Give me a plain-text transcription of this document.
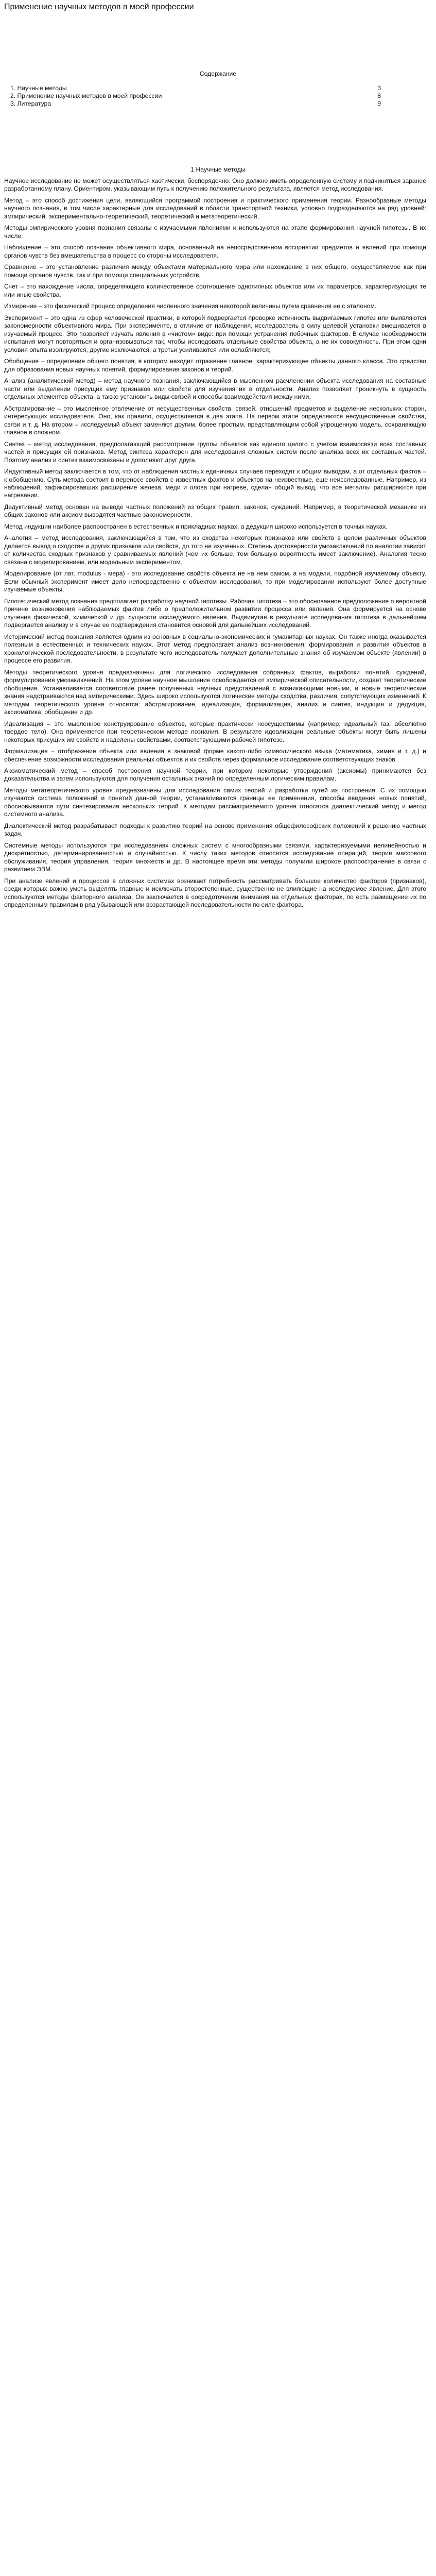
Применение научных методов в моей профессии
Содержание
1. Научные методы	3
2. Применение научных методов в моей профессии	8
3. Литература	9
1 Научные методы

Научное исследование не может осуществляться хаотически, беспорядочно. Оно должно иметь определенную систему и подчиняться заранее разработанному плану. Ориентиром, указывающим путь к получению положительного результата, является метод исследования.

Метод – это способ достижения цели, являющийся программой построения и практического применения теории. Разнообразные методы научного познания, в том числе характерные для исследований в области транспортной техники, условно подразделяются на ряд уровней: эмпирический, экспериментально-теоретический, теоретический и метатеоретический.

Методы эмпирического уровня познания связаны с изучаемыми явлениями и используются на этапе формирования научной гипотезы. В их числе:

Наблюдение – это способ познания объективного мира, основанный на непосредственном восприятии предметов и явлений при помощи органов чувств без вмешательства в процесс со стороны исследователя.

Сравнение – это установление различия между объектами материального мира или нахождение в них общего, осуществляемое как при помощи органов чувств, так и при помощи специальных устройств.

Счет – это нахождение числа, определяющего количественное соотношение однотипных объектов или их параметров, характеризующих те или иные свойства.

Измерение – это физический процесс определения численного значения некоторой величины путем сравнения ее с эталоном.

Эксперимент – это одна из сфер человеческой практики, в которой подвергается проверке истинность выдвигаемых гипотез или выявляются закономерности объективного мира. При эксперименте, в отличие от наблюдения, исследователь в силу целевой установки вмешивается в изучаемый процесс. Это позволяет изучать явления в «чистом» виде: при помощи устранения побочных факторов. В случае необходимости испытания могут повторяться и организовываться так, чтобы исследовать отдельные свойства объекта, а не их совокупность. При этом одни условия опыта изолируются, другие исключаются, а третьи усиливаются или ослабляются;

Обобщение – определение общего понятия, в котором находит отражение главное, характеризующее объекты данного класса. Это средство для образования новых научных понятий, формулирования законов и теорий.

Анализ (аналитический метод) – метод научного познания, заключающийся в мысленном расчленении объекта исследования на составные части или выделении присущих ему признаков или свойств для изучения их в отдельности. Анализ позволяет проникнуть в сущность отдельных элементов объекта, а также установить виды связей и способы взаимодействия между ними.

Абстрагирование – это мысленное отвлечение от несущественных свойств, связей, отношений предметов и выделение нескольких сторон, интересующих исследователя. Оно, как правило, осуществляется в два этапа. На первом этапе определяются несущественные свойства, связи и т. д. На втором – исследуемый объект заменяют другим, более простым, представляющим собой упрощенную модель, сохраняющую главное в сложном.

Синтез – метод исследования, предполагающий рассмотрение группы объектов как единого целого с учетом взаимосвязи всех составных частей и присущих ей признаков. Метод синтеза характерен для исследования сложных систем после анализа всех их составных частей. Поэтому анализ и синтез взаимосвязаны и дополняют друг друга.

Индуктивный метод заключается в том, что от наблюдения частных единичных случаев переходят к общим выводам, а от отдельных фактов – к обобщению. Суть метода состоит в переносе свойств с известных фактов и объектов на неизвестные, еще неисследованные. Например, из наблюдений, зафиксировавших расширение железа, меди и олова при нагреве, сделан общий вывод, что все металлы расширяются при нагревании.

Дедуктивный метод основан на выводе частных положений из общих правил, законов, суждений. Например, в теоретической механике из общих законов или аксиом выводятся частные закономерности.

Метод индукции наиболее распространен в естественных и прикладных науках, а дедукция широко используется в точных науках.

Аналогия – метод исследования, заключающийся в том, что из сходства некоторых признаков или свойств в целом различных объектов делается вывод о сходстве и других признаков или свойств, до того не изученных. Степень достоверности умозаключений по аналогии зависит от количества сходных признаков у сравниваемых явлений (чем их больше, тем большую вероятность имеет заключение). Аналогия тесно связана с моделированием, или модельным экспериментом.

Моделирование (от лат. modulus - мера) - это исследование свойств объекта не на нем самом, а на модели, подобной изучаемому объекту. Если обычный эксперимент имеет дело непосредственно с объектом исследования, то при моделировании используют более доступные изучаемые объекты.

Гипотетический метод познания предполагает разработку научной гипотезы. Рабочая гипотеза – это обоснованное предположение о вероятной причине возникновения наблюдаемых фактов либо о предположительном развитии процесса или явления. Она формируется на основе изучения физической, химической и др. сущности исследуемого явления. Выдвинутая в результате исследования гипотеза в дальнейшем подвергается анализу и в случае ее подтверждения становится основой для дальнейших исследований.

Исторический метод познания является одним из основных в социально-экономических и гуманитарных науках. Он также иногда оказывается полезным в естественных и технических науках. Этот метод предполагает анализ возникновения, формирования и развития объектов в хронологической последовательности, в результате чего исследователь получает дополнительные знания об изучаемом объекте (явлении) в процессе его развития.

Методы теоретического уровня предназначены для логического исследования собранных фактов, выработки понятий, суждений, формулирования умозаключений. На этом уровне научное мышление освобождается от эмпирической описательности, создает теоретические обобщения. Устанавливается соответствие ранее полученных научных представлений с возникающими новыми, и новые теоретические знания надстраиваются над эмпирическими. Здесь широко используются логические методы сходства, различия, сопутствующих изменений. К методам теоретического уровня относятся: абстрагирование, идеализация, формализация, анализ и синтез, индукция и дедукция, аксиоматика, обобщение и др.

Идеализация – это мысленное конструирование объектов, которые практически неосуществимы (например, идеальный газ, абсолютно твердое тело). Она применяется при теоретическом методе познания. В результате идеализации реальные объекты могут быть лишены некоторых присущих им свойств и наделены свойствами, соответствующими рабочей гипотезе.

Формализация – отображение объекта или явления в знаковой форме какого-либо символического языка (математика, химия и т. д.) и обеспечение возможности исследования реальных объектов и их свойств через формальное исследование соответствующих знаков.

Аксиоматический метод – способ построения научной теории, при котором некоторые утверждения (аксиомы) принимаются без доказательства и затем используются для получения остальных знаний по определенным логическим правилам.

Методы метатеоретического уровня предназначены для исследования самих теорий и разработки путей их построения. С их помощью изучаются система положений и понятий данной теории, устанавливаются границы ее применения, способы введения новых понятий, обосновываются пути синтезирования нескольких теорий. К методам рассматриваемого уровня относятся диалектический метод и метод системного анализа.

Диалектический метод разрабатывает подходы к развитию теорий на основе применения общефилософских положений к решению частных задач.

Системные методы используются при исследованиях сложных систем с многообразными связями, характеризуемыми нелинейностью и дискретностью, детерминированностью и случайностью. К числу таких методов относятся исследование операций, теория массового обслуживания, теория управления, теория множеств и др. В настоящее время эти методы получили широкое распространение в связи с развитием ЭВМ.

При анализе явлений и процессов в сложных системах возникает потребность рассматривать большое количество факторов (признаков), среди которых важно уметь выделять главные и исключать второстепенные, существенно не влияющие на исследуемое явление. Для этого используются методы факторного анализа. Он заключается в сосредоточении внимания на отдельных факторах, по есть размещение их по определенным правилам в ряд убывающей или возрастающей последовательности по силе фактора.
